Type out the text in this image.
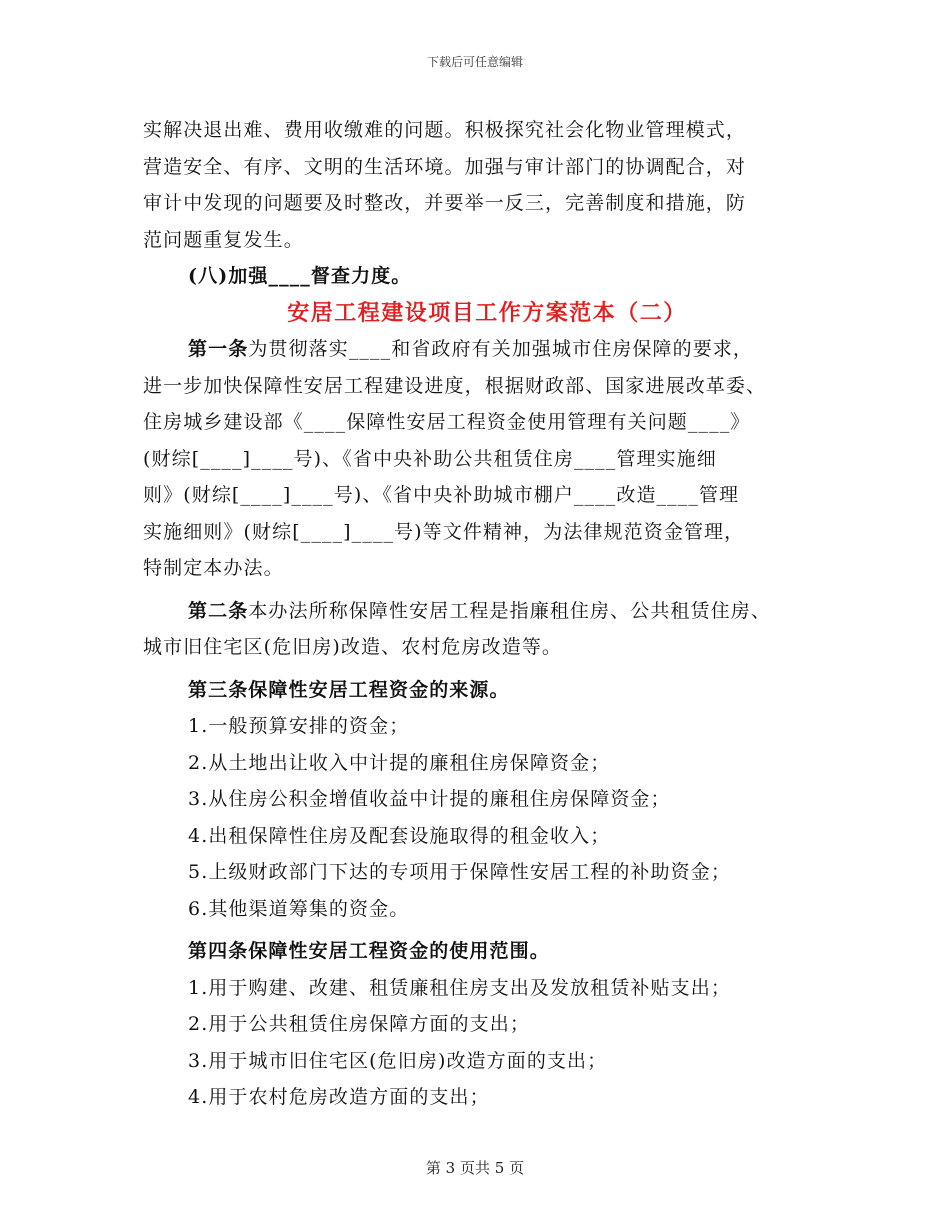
下载后可任意编辑
实解决退出难、费用收缴难的问题。积极探究社会化物业管理模式，
营造安全、有序、文明的生活环境。加强与审计部门的协调配合，对
审计中发现的问题要及时整改，并要举一反三，完善制度和措施，防
范问题重复发生。
(八)加强____督查力度。
安居工程建设项目工作方案范本（二）
第一条为贯彻落实____和省政府有关加强城市住房保障的要求，
进一步加快保障性安居工程建设进度，根据财政部、国家进展改革委、
住房城乡建设部《____保障性安居工程资金使用管理有关问题____》
(财综[____]____号)、《省中央补助公共租赁住房____管理实施细
则》(财综[____]____号)、《省中央补助城市棚户____改造____管理
实施细则》(财综[____]____号)等文件精神，为法律规范资金管理，
特制定本办法。
第二条本办法所称保障性安居工程是指廉租住房、公共租赁住房、
城市旧住宅区(危旧房)改造、农村危房改造等。
第三条保障性安居工程资金的来源。
1.一般预算安排的资金；
2.从土地出让收入中计提的廉租住房保障资金；
3.从住房公积金增值收益中计提的廉租住房保障资金；
4.出租保障性住房及配套设施取得的租金收入；
5.上级财政部门下达的专项用于保障性安居工程的补助资金；
6.其他渠道筹集的资金。
第四条保障性安居工程资金的使用范围。
1.用于购建、改建、租赁廉租住房支出及发放租赁补贴支出；
2.用于公共租赁住房保障方面的支出；
3.用于城市旧住宅区(危旧房)改造方面的支出；
4.用于农村危房改造方面的支出；
第 3 页共 5 页
